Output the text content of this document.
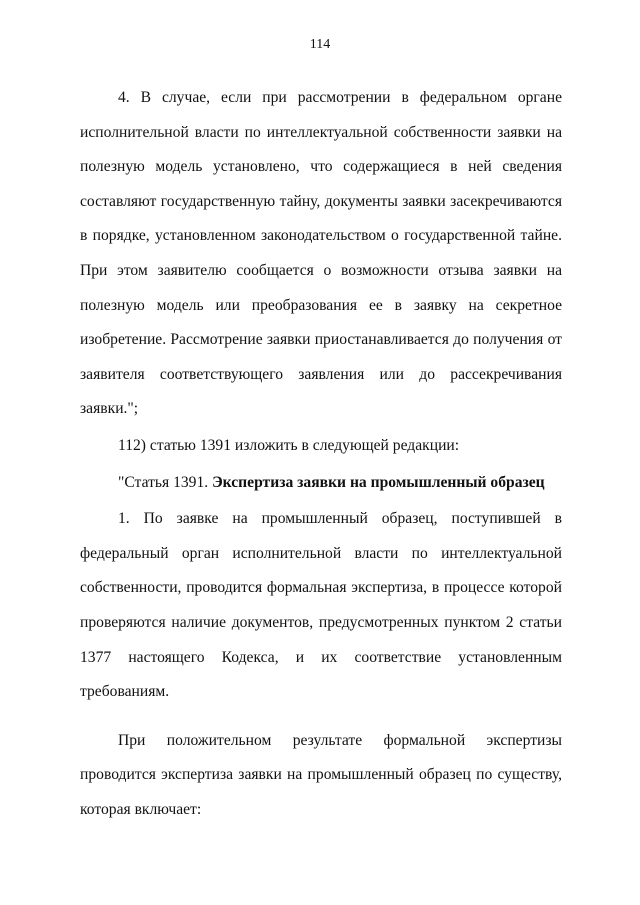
114

4. В случае, если при рассмотрении в федеральном органе исполнительной власти по интеллектуальной собственности заявки на полезную модель установлено, что содержащиеся в ней сведения составляют государственную тайну, документы заявки засекречиваются в порядке, установленном законодательством о государственной тайне. При этом заявителю сообщается о возможности отзыва заявки на полезную модель или преобразования ее в заявку на секретное изобретение. Рассмотрение заявки приостанавливается до получения от заявителя соответствующего заявления или до рассекречивания заявки.";

112) статью 1391 изложить в следующей редакции:

"Статья 1391. Экспертиза заявки на промышленный образец

1. По заявке на промышленный образец, поступившей в федеральный орган исполнительной власти по интеллектуальной собственности, проводится формальная экспертиза, в процессе которой проверяются наличие документов, предусмотренных пунктом 2 статьи 1377 настоящего Кодекса, и их соответствие установленным требованиям.

При положительном результате формальной экспертизы проводится экспертиза заявки на промышленный образец по существу, которая включает:
